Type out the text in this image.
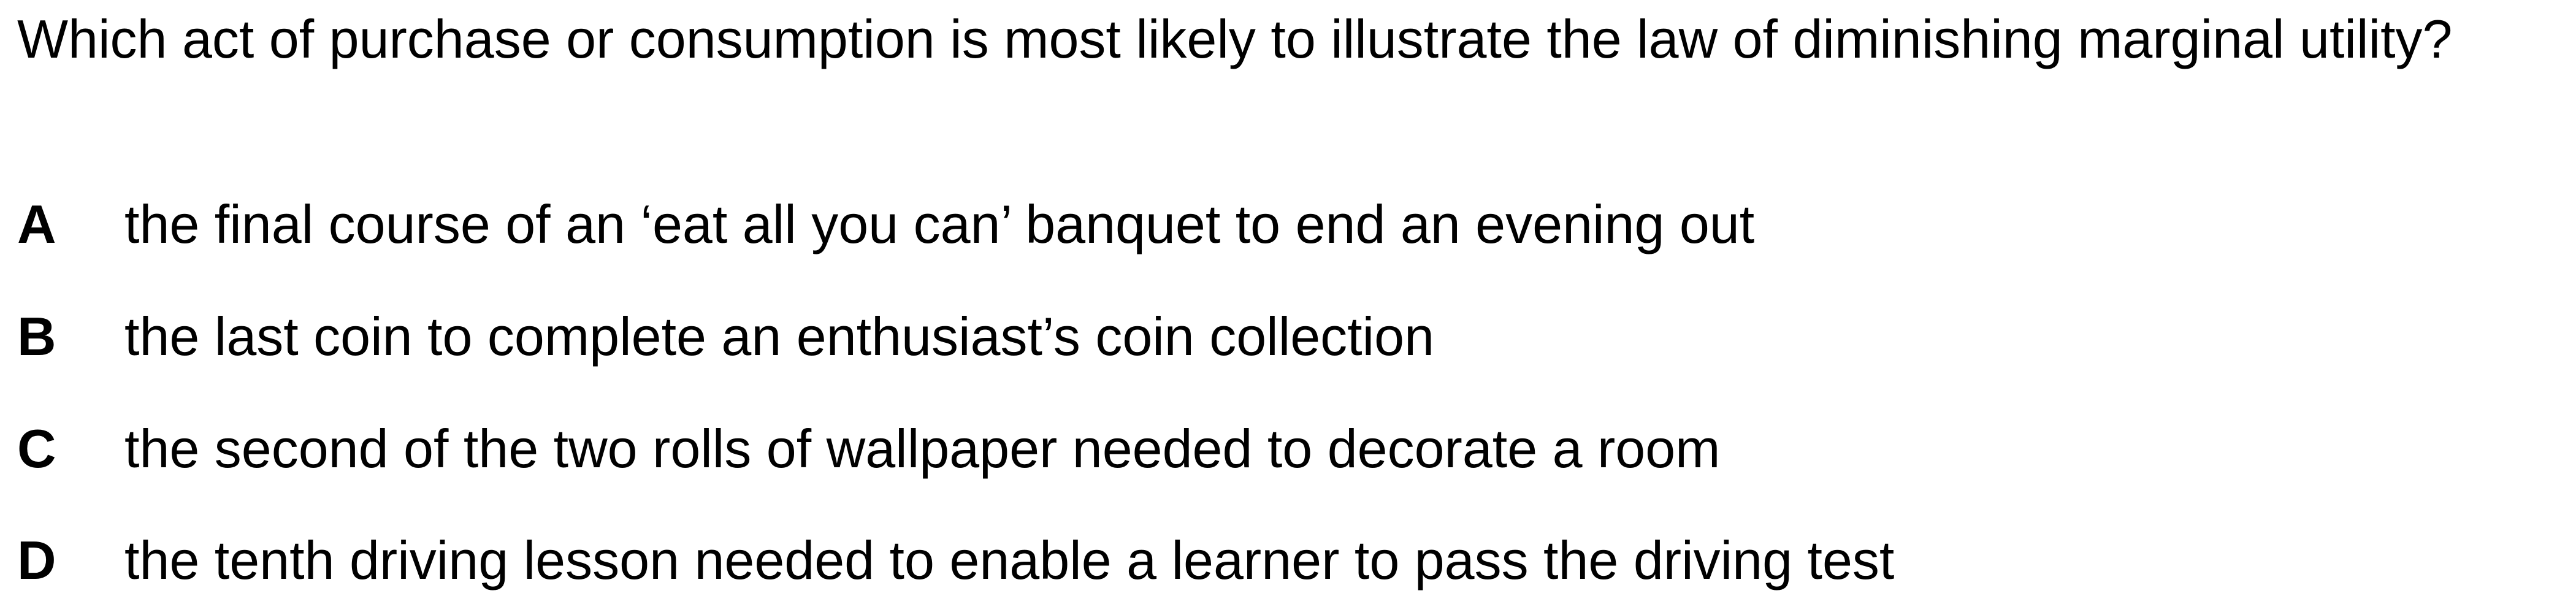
Which act of purchase or consumption is most likely to illustrate the law of diminishing marginal utility?

A the final course of an ‘eat all you can’ banquet to end an evening out
B the last coin to complete an enthusiast’s coin collection
C the second of the two rolls of wallpaper needed to decorate a room
D the tenth driving lesson needed to enable a learner to pass the driving test
